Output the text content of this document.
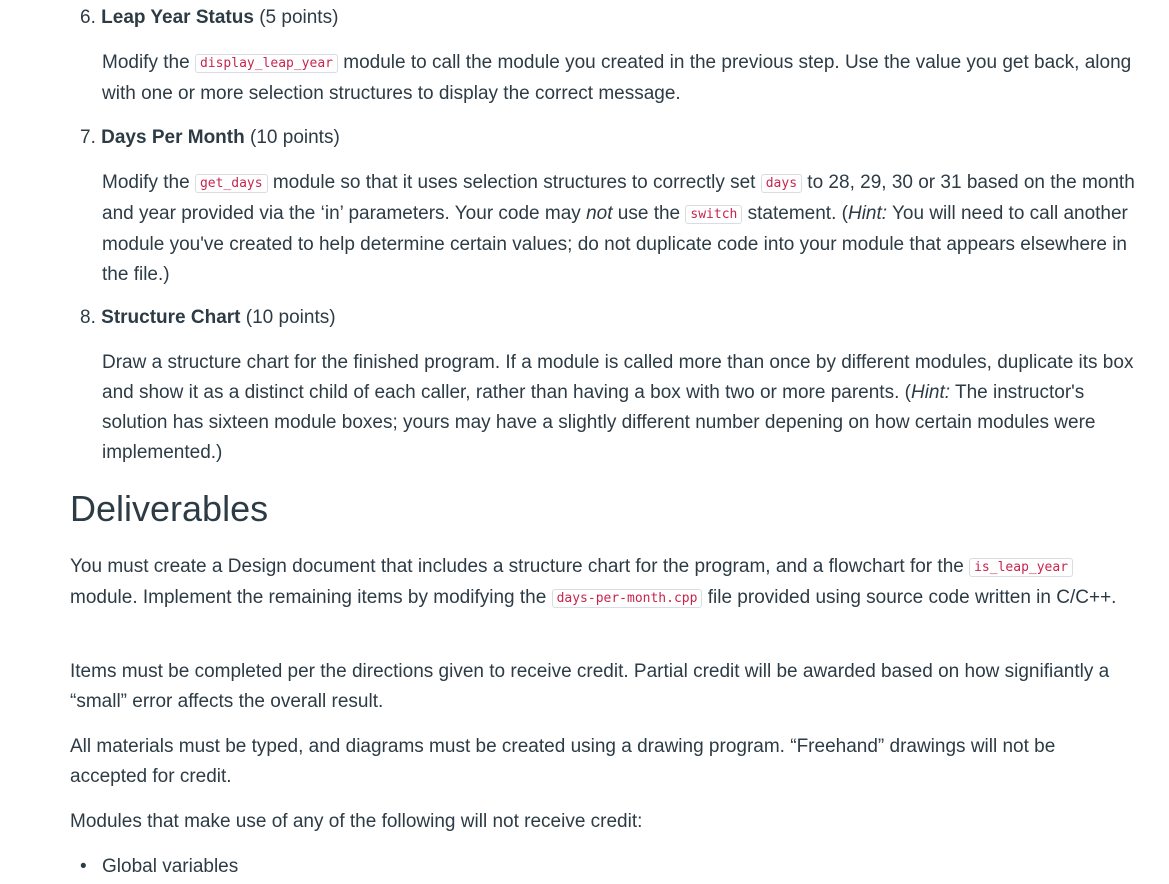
6. Leap Year Status (5 points)

Modify the display_leap_year module to call the module you created in the previous step. Use the value you get back, along with one or more selection structures to display the correct message.

7. Days Per Month (10 points)

Modify the get_days module so that it uses selection structures to correctly set days to 28, 29, 30 or 31 based on the month and year provided via the ‘in’ parameters. Your code may not use the switch statement. (Hint: You will need to call another module you've created to help determine certain values; do not duplicate code into your module that appears elsewhere in the file.)

8. Structure Chart (10 points)

Draw a structure chart for the finished program. If a module is called more than once by different modules, duplicate its box and show it as a distinct child of each caller, rather than having a box with two or more parents. (Hint: The instructor's solution has sixteen module boxes; yours may have a slightly different number depening on how certain modules were implemented.)

Deliverables

You must create a Design document that includes a structure chart for the program, and a flowchart for the is_leap_year module. Implement the remaining items by modifying the days-per-month.cpp file provided using source code written in C/C++.

Items must be completed per the directions given to receive credit. Partial credit will be awarded based on how signifiantly a “small” error affects the overall result.

All materials must be typed, and diagrams must be created using a drawing program. “Freehand” drawings will not be accepted for credit.

Modules that make use of any of the following will not receive credit:

• Global variables
